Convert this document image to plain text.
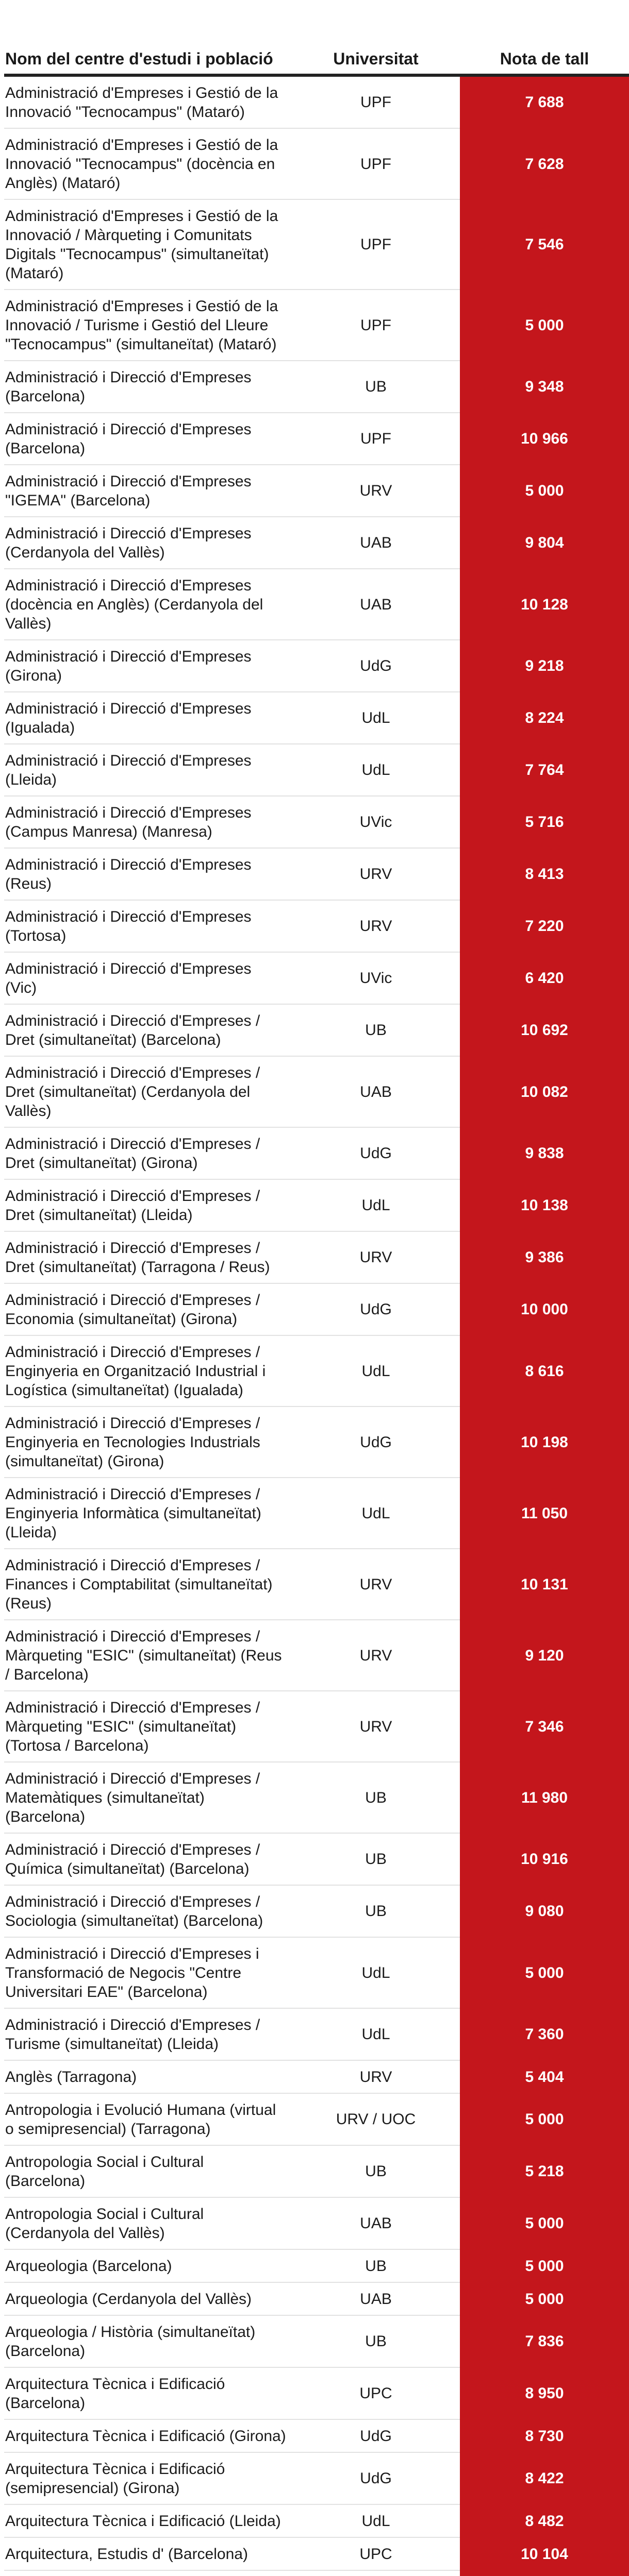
Nom del centre d'estudi i població	Universitat	Nota de tall
Administració d'Empreses i Gestió de la Innovació "Tecnocampus" (Mataró)	UPF	7 688
Administració d'Empreses i Gestió de la Innovació "Tecnocampus" (docència en Anglès) (Mataró)	UPF	7 628
Administració d'Empreses i Gestió de la Innovació / Màrqueting i Comunitats Digitals "Tecnocampus" (simultaneïtat) (Mataró)	UPF	7 546
Administració d'Empreses i Gestió de la Innovació / Turisme i Gestió del Lleure "Tecnocampus" (simultaneïtat) (Mataró)	UPF	5 000
Administració i Direcció d'Empreses (Barcelona)	UB	9 348
Administració i Direcció d'Empreses (Barcelona)	UPF	10 966
Administració i Direcció d'Empreses "IGEMA" (Barcelona)	URV	5 000
Administració i Direcció d'Empreses (Cerdanyola del Vallès)	UAB	9 804
Administració i Direcció d'Empreses (docència en Anglès) (Cerdanyola del Vallès)	UAB	10 128
Administració i Direcció d'Empreses (Girona)	UdG	9 218
Administració i Direcció d'Empreses (Igualada)	UdL	8 224
Administració i Direcció d'Empreses (Lleida)	UdL	7 764
Administració i Direcció d'Empreses (Campus Manresa) (Manresa)	UVic	5 716
Administració i Direcció d'Empreses (Reus)	URV	8 413
Administració i Direcció d'Empreses (Tortosa)	URV	7 220
Administració i Direcció d'Empreses (Vic)	UVic	6 420
Administració i Direcció d'Empreses / Dret (simultaneïtat) (Barcelona)	UB	10 692
Administració i Direcció d'Empreses / Dret (simultaneïtat) (Cerdanyola del Vallès)	UAB	10 082
Administració i Direcció d'Empreses / Dret (simultaneïtat) (Girona)	UdG	9 838
Administració i Direcció d'Empreses / Dret (simultaneïtat) (Lleida)	UdL	10 138
Administració i Direcció d'Empreses / Dret (simultaneïtat) (Tarragona / Reus)	URV	9 386
Administració i Direcció d'Empreses / Economia (simultaneïtat) (Girona)	UdG	10 000
Administració i Direcció d'Empreses / Enginyeria en Organització Industrial i Logística (simultaneïtat) (Igualada)	UdL	8 616
Administració i Direcció d'Empreses / Enginyeria en Tecnologies Industrials (simultaneïtat) (Girona)	UdG	10 198
Administració i Direcció d'Empreses / Enginyeria Informàtica (simultaneïtat) (Lleida)	UdL	11 050
Administració i Direcció d'Empreses / Finances i Comptabilitat (simultaneïtat) (Reus)	URV	10 131
Administració i Direcció d'Empreses / Màrqueting "ESIC" (simultaneïtat) (Reus / Barcelona)	URV	9 120
Administració i Direcció d'Empreses / Màrqueting "ESIC" (simultaneïtat) (Tortosa / Barcelona)	URV	7 346
Administració i Direcció d'Empreses / Matemàtiques (simultaneïtat) (Barcelona)	UB	11 980
Administració i Direcció d'Empreses / Química (simultaneïtat) (Barcelona)	UB	10 916
Administració i Direcció d'Empreses / Sociologia (simultaneïtat) (Barcelona)	UB	9 080
Administració i Direcció d'Empreses i Transformació de Negocis "Centre Universitari EAE" (Barcelona)	UdL	5 000
Administració i Direcció d'Empreses / Turisme (simultaneïtat) (Lleida)	UdL	7 360
Anglès (Tarragona)	URV	5 404
Antropologia i Evolució Humana (virtual o semipresencial) (Tarragona)	URV / UOC	5 000
Antropologia Social i Cultural (Barcelona)	UB	5 218
Antropologia Social i Cultural (Cerdanyola del Vallès)	UAB	5 000
Arqueologia (Barcelona)	UB	5 000
Arqueologia (Cerdanyola del Vallès)	UAB	5 000
Arqueologia / Història (simultaneïtat) (Barcelona)	UB	7 836
Arquitectura Tècnica i Edificació (Barcelona)	UPC	8 950
Arquitectura Tècnica i Edificació (Girona)	UdG	8 730
Arquitectura Tècnica i Edificació (semipresencial) (Girona)	UdG	8 422
Arquitectura Tècnica i Edificació (Lleida)	UdL	8 482
Arquitectura, Estudis d' (Barcelona)	UPC	10 104
